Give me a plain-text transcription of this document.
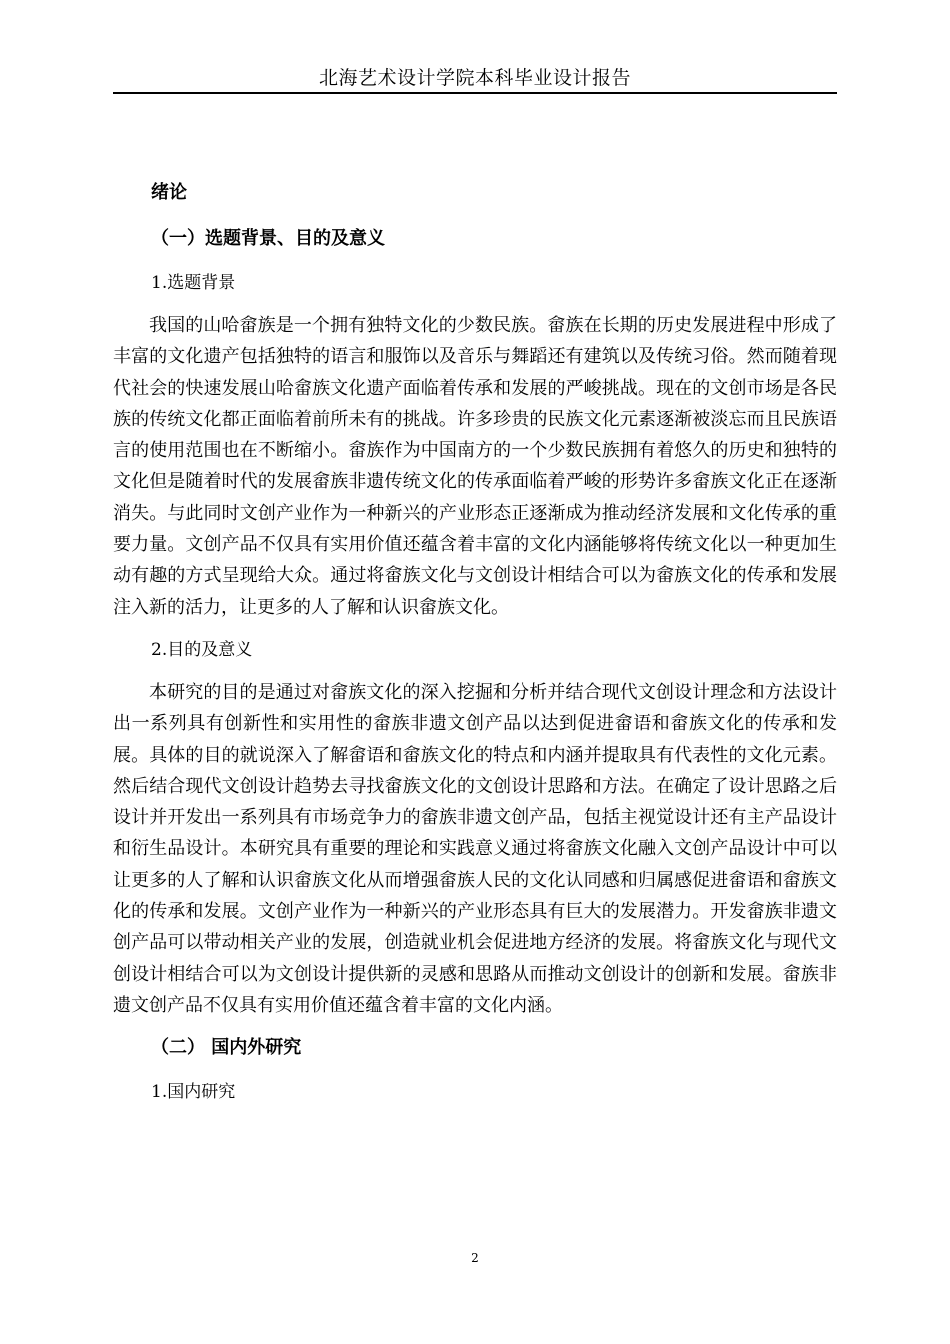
北海艺术设计学院本科毕业设计报告

绪论

（一）选题背景、目的及意义

1.选题背景

我国的山哈畲族是一个拥有独特文化的少数民族。畲族在长期的历史发展进程中形成了丰富的文化遗产包括独特的语言和服饰以及音乐与舞蹈还有建筑以及传统习俗。然而随着现代社会的快速发展山哈畲族文化遗产面临着传承和发展的严峻挑战。现在的文创市场是各民族的传统文化都正面临着前所未有的挑战。许多珍贵的民族文化元素逐渐被淡忘而且民族语言的使用范围也在不断缩小。畲族作为中国南方的一个少数民族拥有着悠久的历史和独特的文化但是随着时代的发展畲族非遗传统文化的传承面临着严峻的形势许多畲族文化正在逐渐消失。与此同时文创产业作为一种新兴的产业形态正逐渐成为推动经济发展和文化传承的重要力量。文创产品不仅具有实用价值还蕴含着丰富的文化内涵能够将传统文化以一种更加生动有趣的方式呈现给大众。通过将畲族文化与文创设计相结合可以为畲族文化的传承和发展注入新的活力，让更多的人了解和认识畲族文化。

2.目的及意义

本研究的目的是通过对畲族文化的深入挖掘和分析并结合现代文创设计理念和方法设计出一系列具有创新性和实用性的畲族非遗文创产品以达到促进畲语和畲族文化的传承和发展。具体的目的就说深入了解畲语和畲族文化的特点和内涵并提取具有代表性的文化元素。然后结合现代文创设计趋势去寻找畲族文化的文创设计思路和方法。在确定了设计思路之后设计并开发出一系列具有市场竞争力的畲族非遗文创产品，包括主视觉设计还有主产品设计和衍生品设计。本研究具有重要的理论和实践意义通过将畲族文化融入文创产品设计中可以让更多的人了解和认识畲族文化从而增强畲族人民的文化认同感和归属感促进畲语和畲族文化的传承和发展。文创产业作为一种新兴的产业形态具有巨大的发展潜力。开发畲族非遗文创产品可以带动相关产业的发展，创造就业机会促进地方经济的发展。将畲族文化与现代文创设计相结合可以为文创设计提供新的灵感和思路从而推动文创设计的创新和发展。畲族非遗文创产品不仅具有实用价值还蕴含着丰富的文化内涵。

（二） 国内外研究

1.国内研究

2
